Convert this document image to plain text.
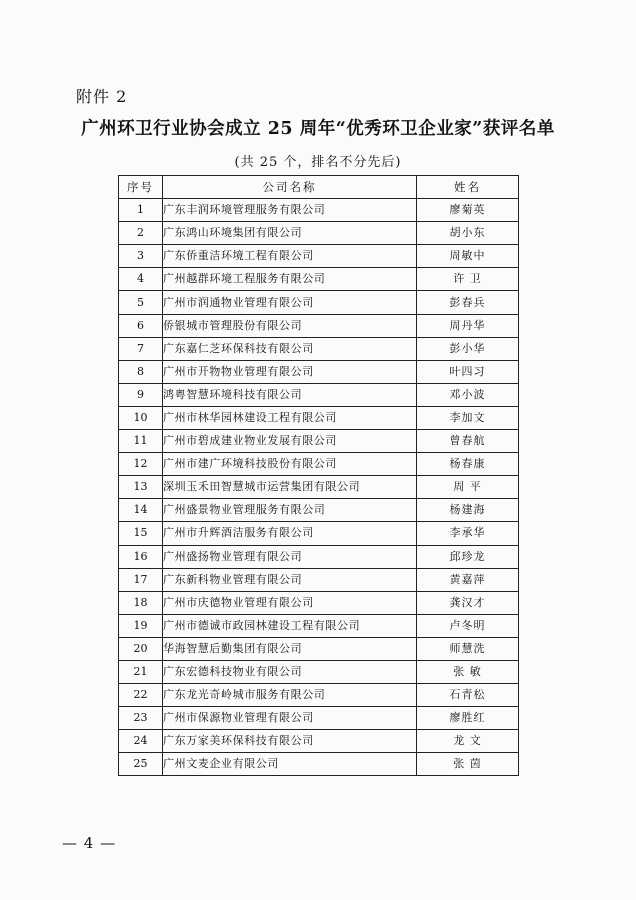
附件 2
广州环卫行业协会成立 25 周年“优秀环卫企业家”获评名单
(共 25 个，排名不分先后)
序号	公司名称	姓名
1	广东丰润环境管理服务有限公司	廖菊英
2	广东鸿山环境集团有限公司	胡小东
3	广东侨重洁环境工程有限公司	周敏中
4	广州越群环境工程服务有限公司	许 卫
5	广州市润通物业管理有限公司	彭春兵
6	侨银城市管理股份有限公司	周丹华
7	广东嘉仁芝环保科技有限公司	彭小华
8	广州市开物物业管理有限公司	叶四习
9	鸿粤智慧环境科技有限公司	邓小波
10	广州市林华园林建设工程有限公司	李加文
11	广州市碧成建业物业发展有限公司	曾春航
12	广州市建广环境科技股份有限公司	杨春康
13	深圳玉禾田智慧城市运营集团有限公司	周 平
14	广州盛景物业管理服务有限公司	杨建海
15	广州市升辉酒洁服务有限公司	李承华
16	广州盛扬物业管理有限公司	邱珍龙
17	广东新科物业管理有限公司	黄嘉萍
18	广州市庆德物业管理有限公司	龚汉才
19	广州市德诚市政园林建设工程有限公司	卢冬明
20	华海智慧后勤集团有限公司	师慧洗
21	广东宏德科技物业有限公司	张 敏
22	广东龙光奇岭城市服务有限公司	石青松
23	广州市保源物业管理有限公司	廖胜红
24	广东万家美环保科技有限公司	龙 文
25	广州文麦企业有限公司	张 茵
— 4 —
